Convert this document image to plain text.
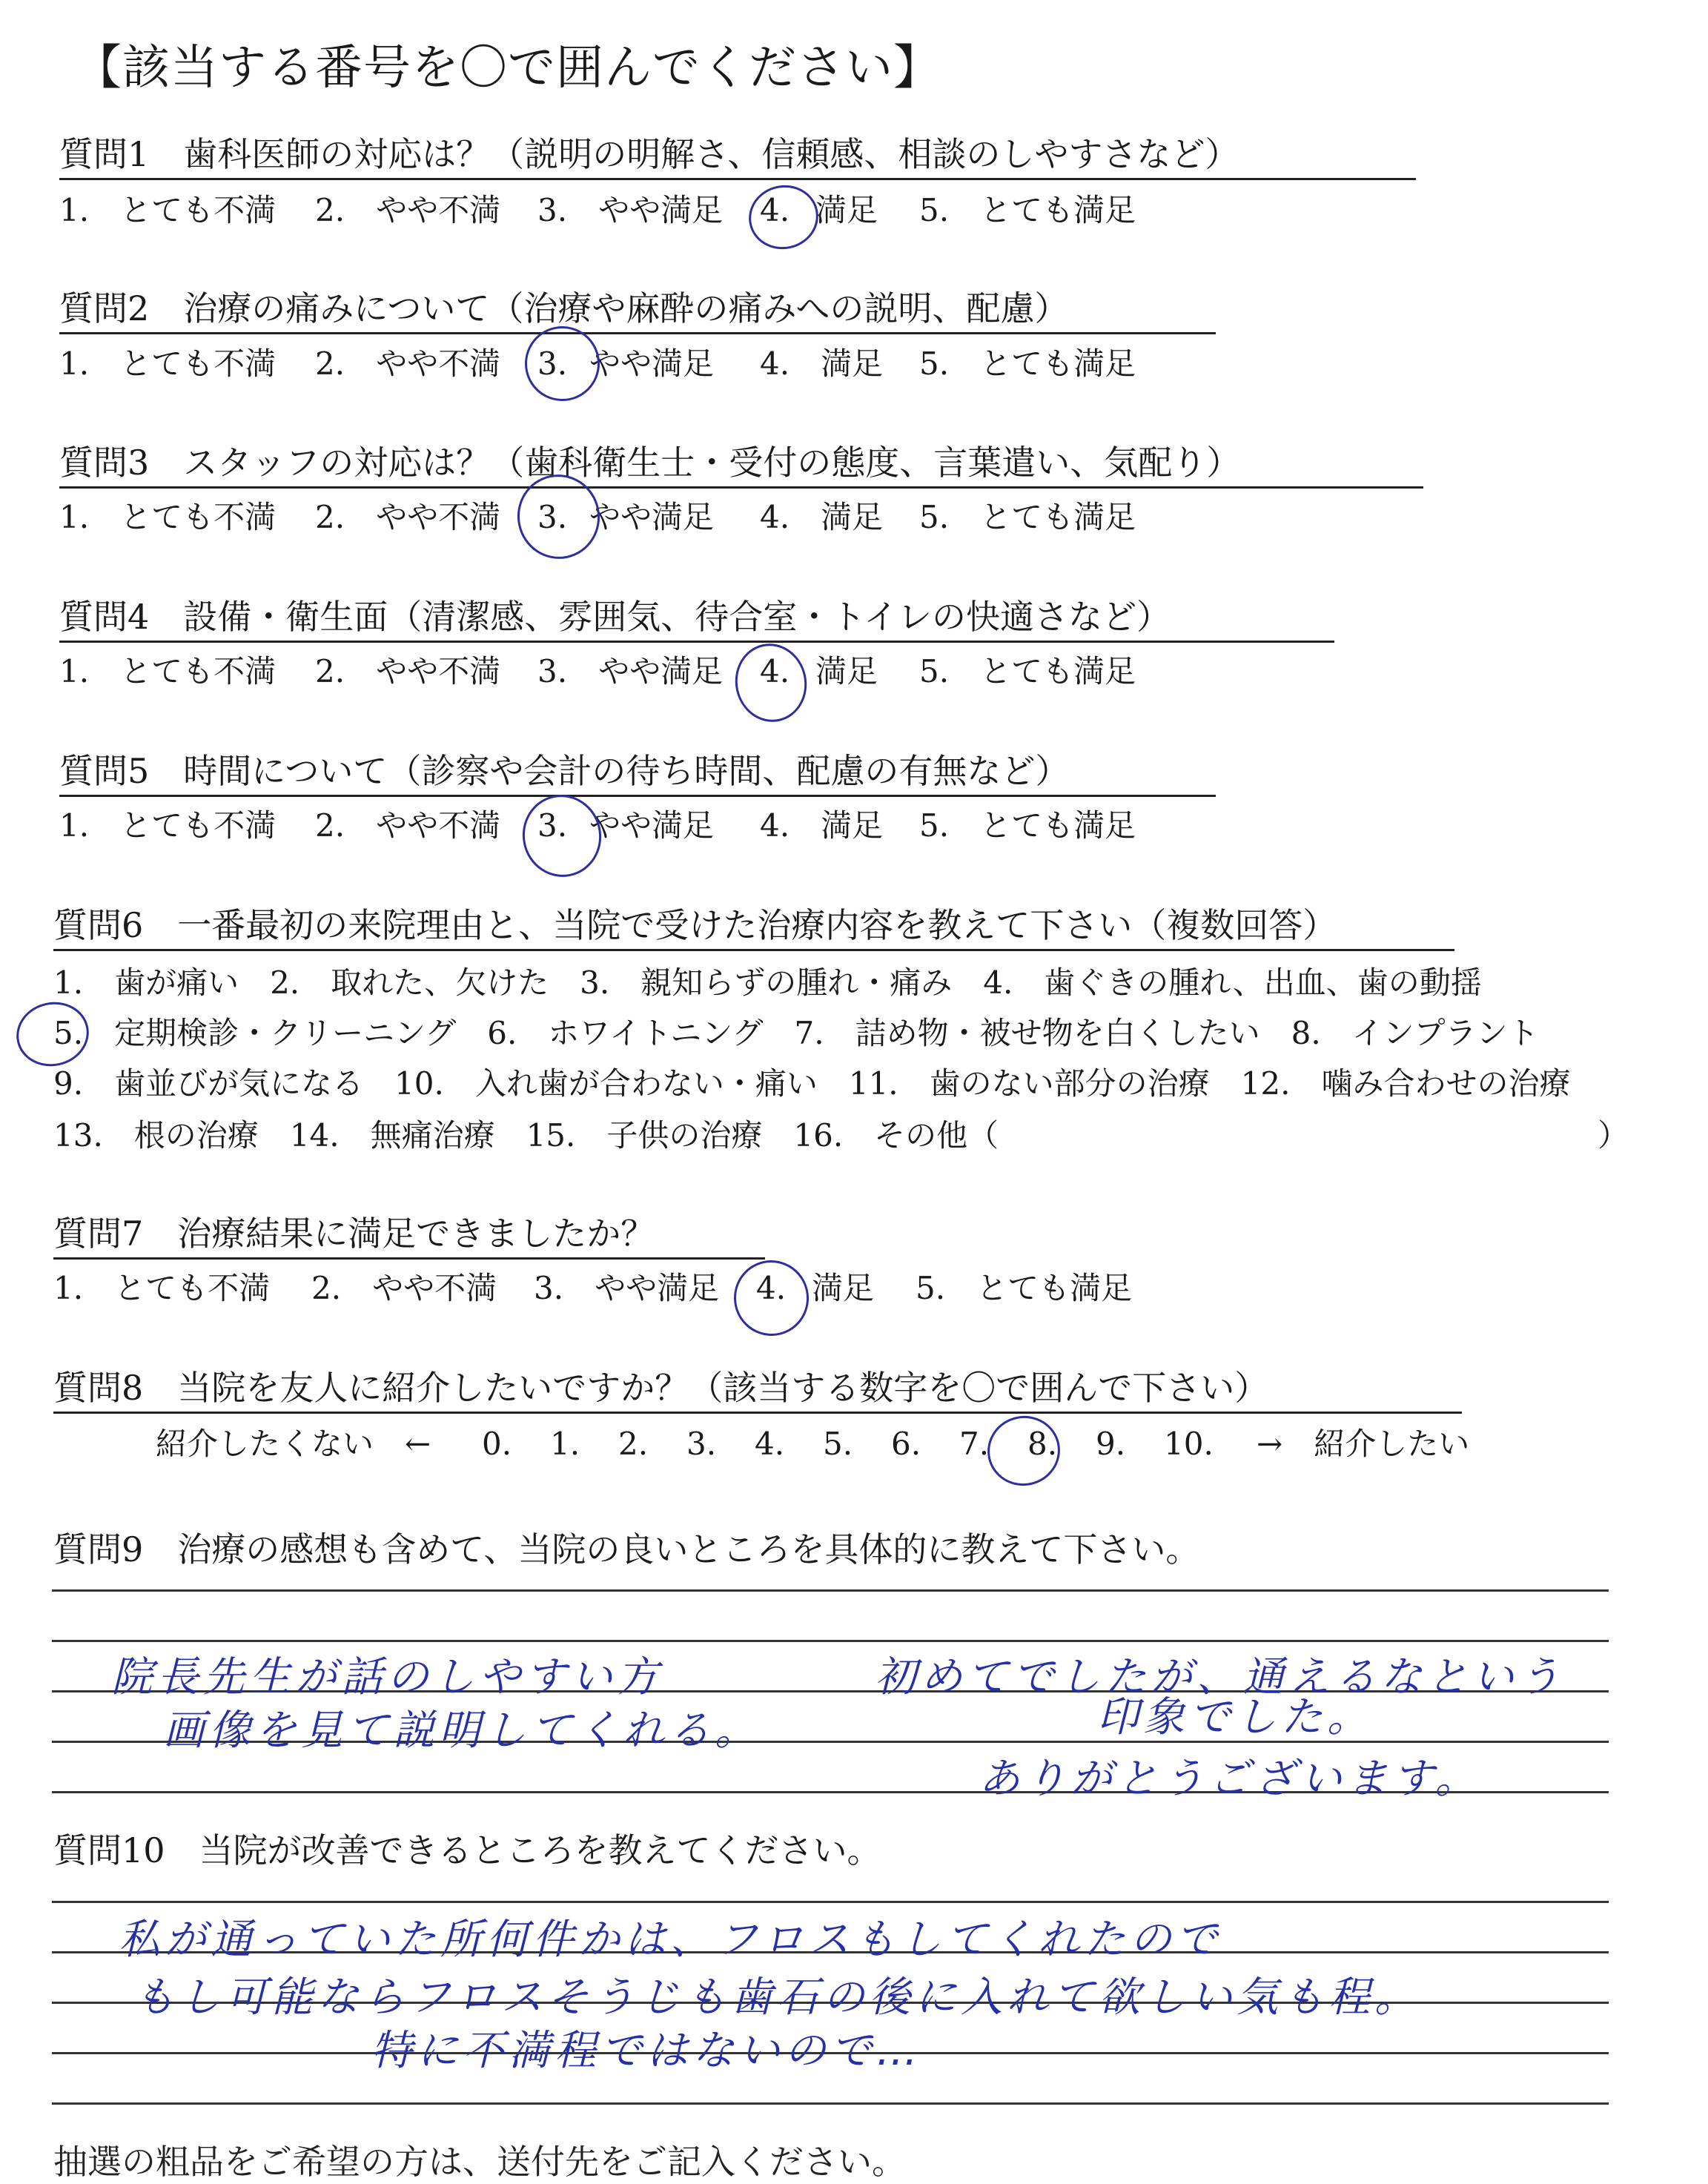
【該当する番号を〇で囲んでください】
質問1　歯科医師の対応は？（説明の明解さ、信頼感、相談のしやすさなど）
1.　とても不満 2.　やや不満 3.　やや満足 4. 満足 5.　とても満足
質問2　治療の痛みについて（治療や麻酔の痛みへの説明、配慮）
1.　とても不満 2.　やや不満 3. やや満足 4.　満足 5.　とても満足
質問3　スタッフの対応は？（歯科衛生士・受付の態度、言葉遣い、気配り）
1.　とても不満 2.　やや不満 3. やや満足 4.　満足 5.　とても満足
質問4　設備・衛生面（清潔感、雰囲気、待合室・トイレの快適さなど）
1.　とても不満 2.　やや不満 3.　やや満足 4. 満足 5.　とても満足
質問5　時間について（診察や会計の待ち時間、配慮の有無など）
1.　とても不満 2.　やや不満 3. やや満足 4.　満足 5.　とても満足
質問6　一番最初の来院理由と、当院で受けた治療内容を教えて下さい（複数回答）
1.　歯が痛い　2.　取れた、欠けた　3.　親知らずの腫れ・痛み　4.　歯ぐきの腫れ、出血、歯の動揺
5.　定期検診・クリーニング　6.　ホワイトニング　7.　詰め物・被せ物を白くしたい　8.　インプラント
9.　歯並びが気になる　10.　入れ歯が合わない・痛い　11.　歯のない部分の治療　12.　噛み合わせの治療
13.　根の治療　14.　無痛治療　15.　子供の治療　16.　その他（	）
質問7　治療結果に満足できましたか？
1.　とても不満 2.　やや不満 3.　やや満足 4. 満足 5.　とても満足
質問8　当院を友人に紹介したいですか？（該当する数字を〇で囲んで下さい）
紹介したくない　← 0. 1. 2. 3. 4. 5. 6. 7. 8. 9. 10. →　紹介したい
質問9　治療の感想も含めて、当院の良いところを具体的に教えて下さい。
院長先生が話のしやすい方	初めてでしたが、通えるなという
画像を見て説明してくれる。	印象でした。
ありがとうございます。
質問10　当院が改善できるところを教えてください。
私が通っていた所何件かは、フロスもしてくれたので
もし可能ならフロスそうじも歯石の後に入れて欲しい気も程。
特に不満程ではないので…
抽選の粗品をご希望の方は、送付先をご記入ください。
